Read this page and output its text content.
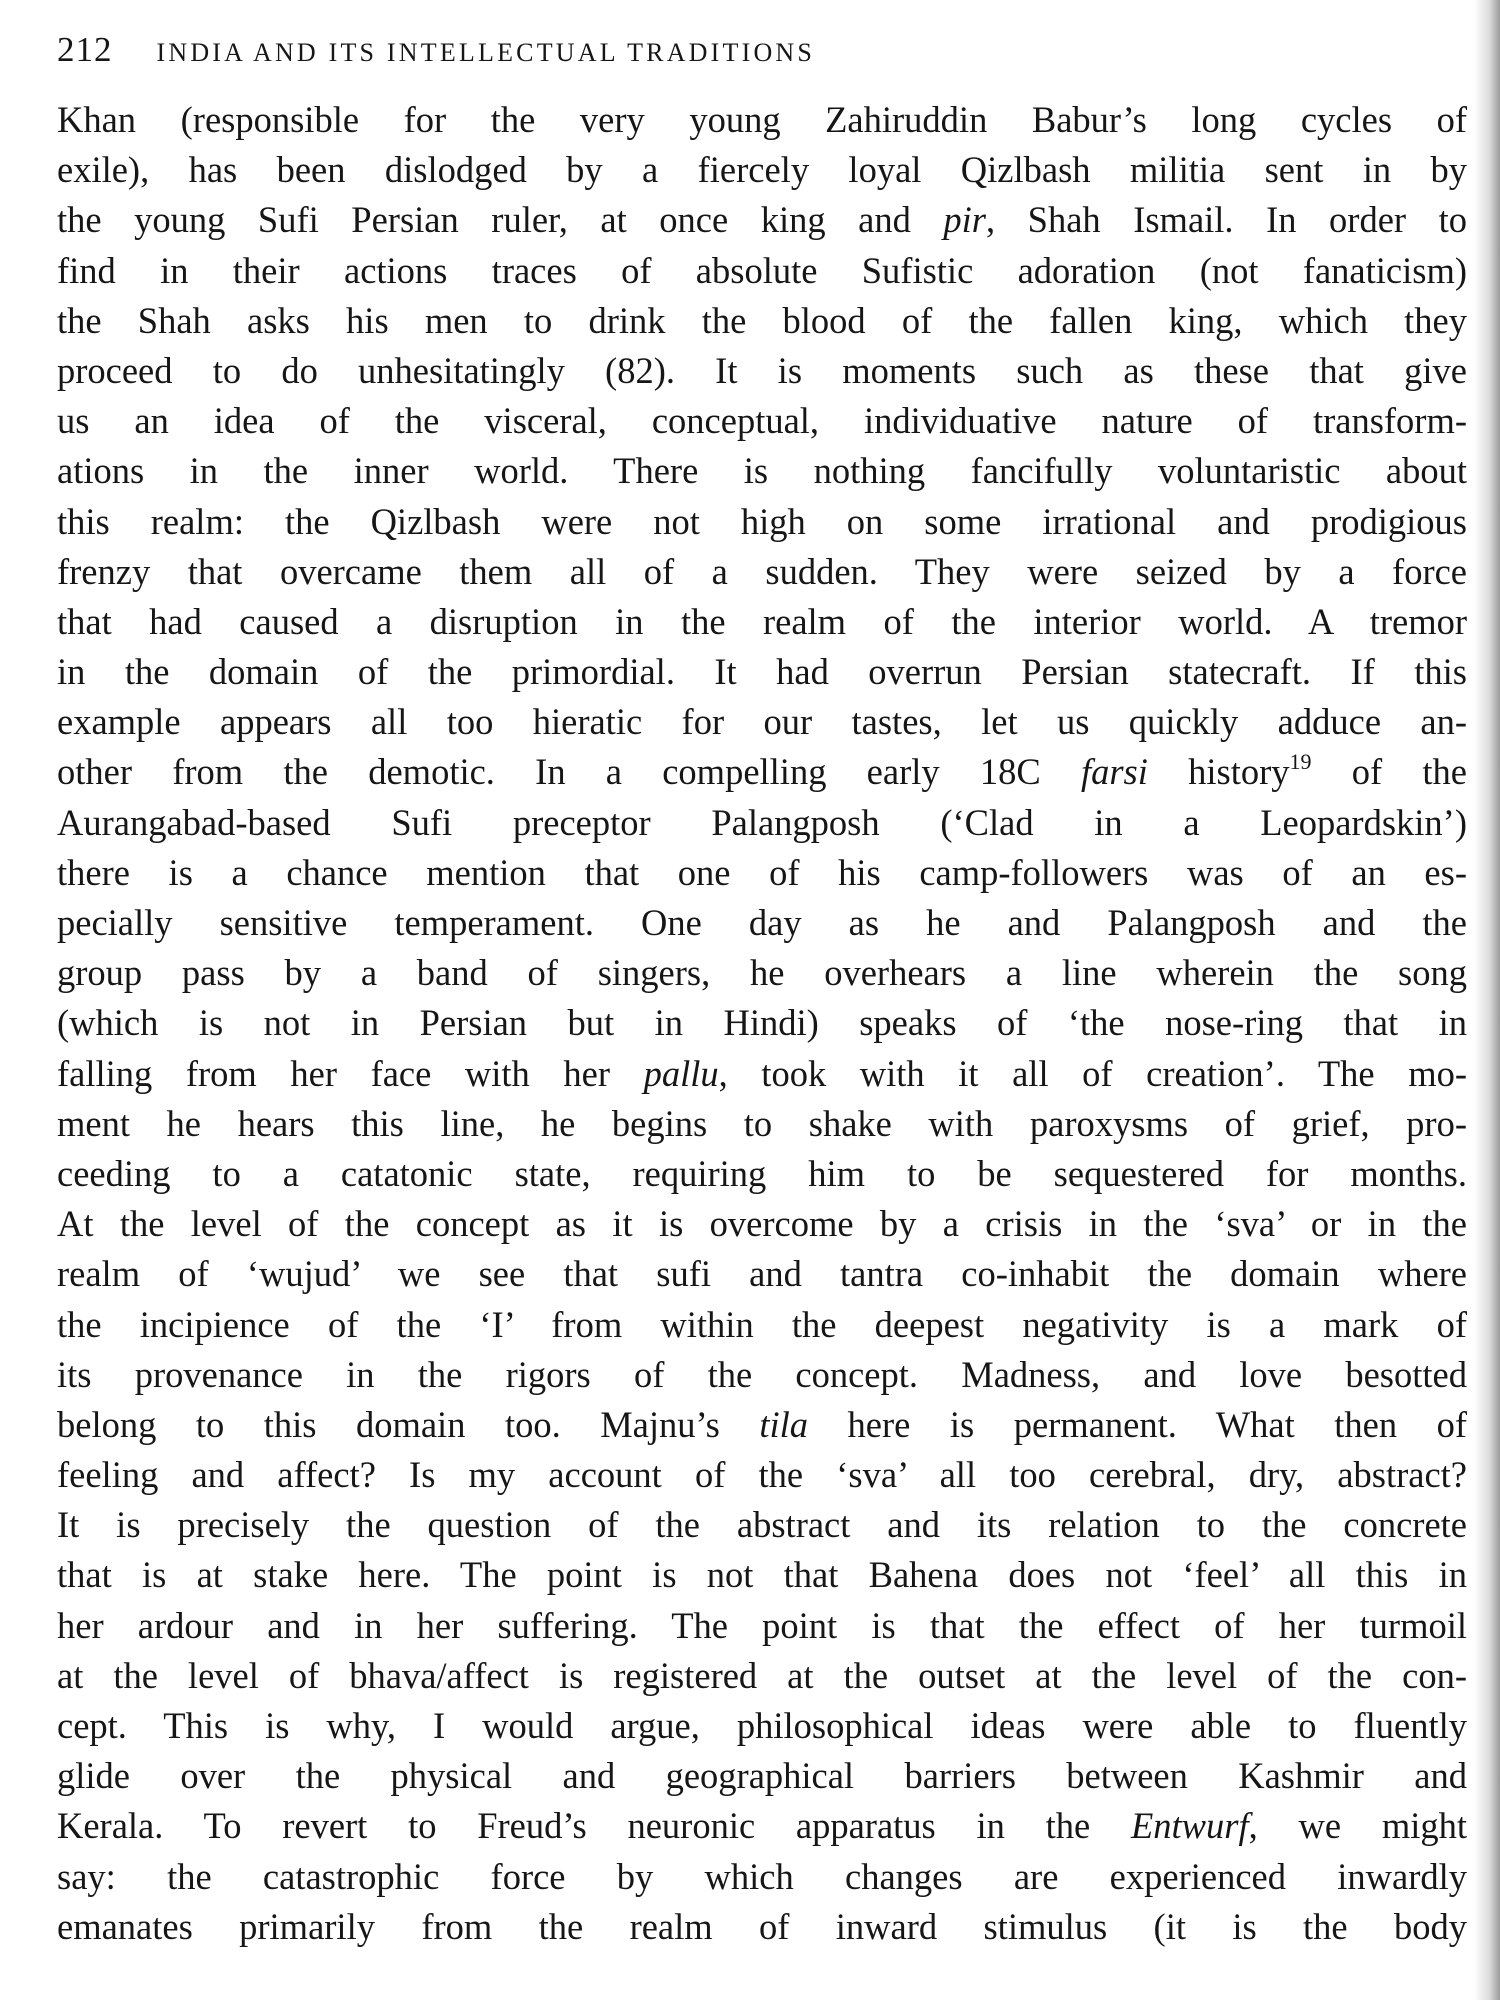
212 INDIA AND ITS INTELLECTUAL TRADITIONS
Khan (responsible for the very young Zahiruddin Babur’s long cycles of
exile), has been dislodged by a fiercely loyal Qizlbash militia sent in by
the young Sufi Persian ruler, at once king and pir, Shah Ismail. In order to
find in their actions traces of absolute Sufistic adoration (not fanaticism)
the Shah asks his men to drink the blood of the fallen king, which they
proceed to do unhesitatingly (82). It is moments such as these that give
us an idea of the visceral, conceptual, individuative nature of transform-
ations in the inner world. There is nothing fancifully voluntaristic about
this realm: the Qizlbash were not high on some irrational and prodigious
frenzy that overcame them all of a sudden. They were seized by a force
that had caused a disruption in the realm of the interior world. A tremor
in the domain of the primordial. It had overrun Persian statecraft. If this
example appears all too hieratic for our tastes, let us quickly adduce an-
other from the demotic. In a compelling early 18C farsi history$^{19}$ of the
Aurangabad-based Sufi preceptor Palangposh (‘Clad in a Leopardskin’)
there is a chance mention that one of his camp-followers was of an es-
pecially sensitive temperament. One day as he and Palangposh and the
group pass by a band of singers, he overhears a line wherein the song
(which is not in Persian but in Hindi) speaks of ‘the nose-ring that in
falling from her face with her pallu, took with it all of creation’. The mo-
ment he hears this line, he begins to shake with paroxysms of grief, pro-
ceeding to a catatonic state, requiring him to be sequestered for months.
At the level of the concept as it is overcome by a crisis in the ‘sva’ or in the
realm of ‘wujud’ we see that sufi and tantra co-inhabit the domain where
the incipience of the ‘I’ from within the deepest negativity is a mark of
its provenance in the rigors of the concept. Madness, and love besotted
belong to this domain too. Majnu’s tila here is permanent. What then of
feeling and affect? Is my account of the ‘sva’ all too cerebral, dry, abstract?
It is precisely the question of the abstract and its relation to the concrete
that is at stake here. The point is not that Bahena does not ‘feel’ all this in
her ardour and in her suffering. The point is that the effect of her turmoil
at the level of bhava/affect is registered at the outset at the level of the con-
cept. This is why, I would argue, philosophical ideas were able to fluently
glide over the physical and geographical barriers between Kashmir and
Kerala. To revert to Freud’s neuronic apparatus in the Entwurf, we might
say: the catastrophic force by which changes are experienced inwardly
emanates primarily from the realm of inward stimulus (it is the body
